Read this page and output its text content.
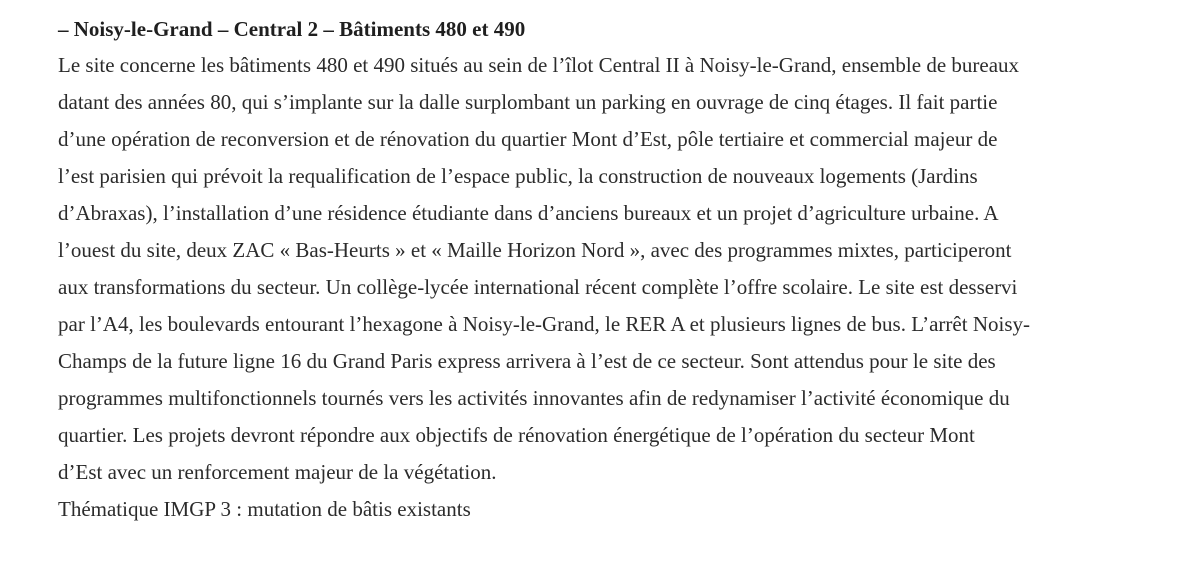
– Noisy-le-Grand – Central 2 – Bâtiments 480 et 490

Le site concerne les bâtiments 480 et 490 situés au sein de l’îlot Central II à Noisy-le-Grand, ensemble de bureaux
datant des années 80, qui s’implante sur la dalle surplombant un parking en ouvrage de cinq étages. Il fait partie
d’une opération de reconversion et de rénovation du quartier Mont d’Est, pôle tertiaire et commercial majeur de
l’est parisien qui prévoit la requalification de l’espace public, la construction de nouveaux logements (Jardins
d’Abraxas), l’installation d’une résidence étudiante dans d’anciens bureaux et un projet d’agriculture urbaine. A
l’ouest du site, deux ZAC « Bas-Heurts » et « Maille Horizon Nord », avec des programmes mixtes, participeront
aux transformations du secteur. Un collège-lycée international récent complète l’offre scolaire. Le site est desservi
par l’A4, les boulevards entourant l’hexagone à Noisy-le-Grand, le RER A et plusieurs lignes de bus. L’arrêt Noisy-
Champs de la future ligne 16 du Grand Paris express arrivera à l’est de ce secteur. Sont attendus pour le site des
programmes multifonctionnels tournés vers les activités innovantes afin de redynamiser l’activité économique du
quartier. Les projets devront répondre aux objectifs de rénovation énergétique de l’opération du secteur Mont
d’Est avec un renforcement majeur de la végétation.

Thématique IMGP 3 : mutation de bâtis existants
